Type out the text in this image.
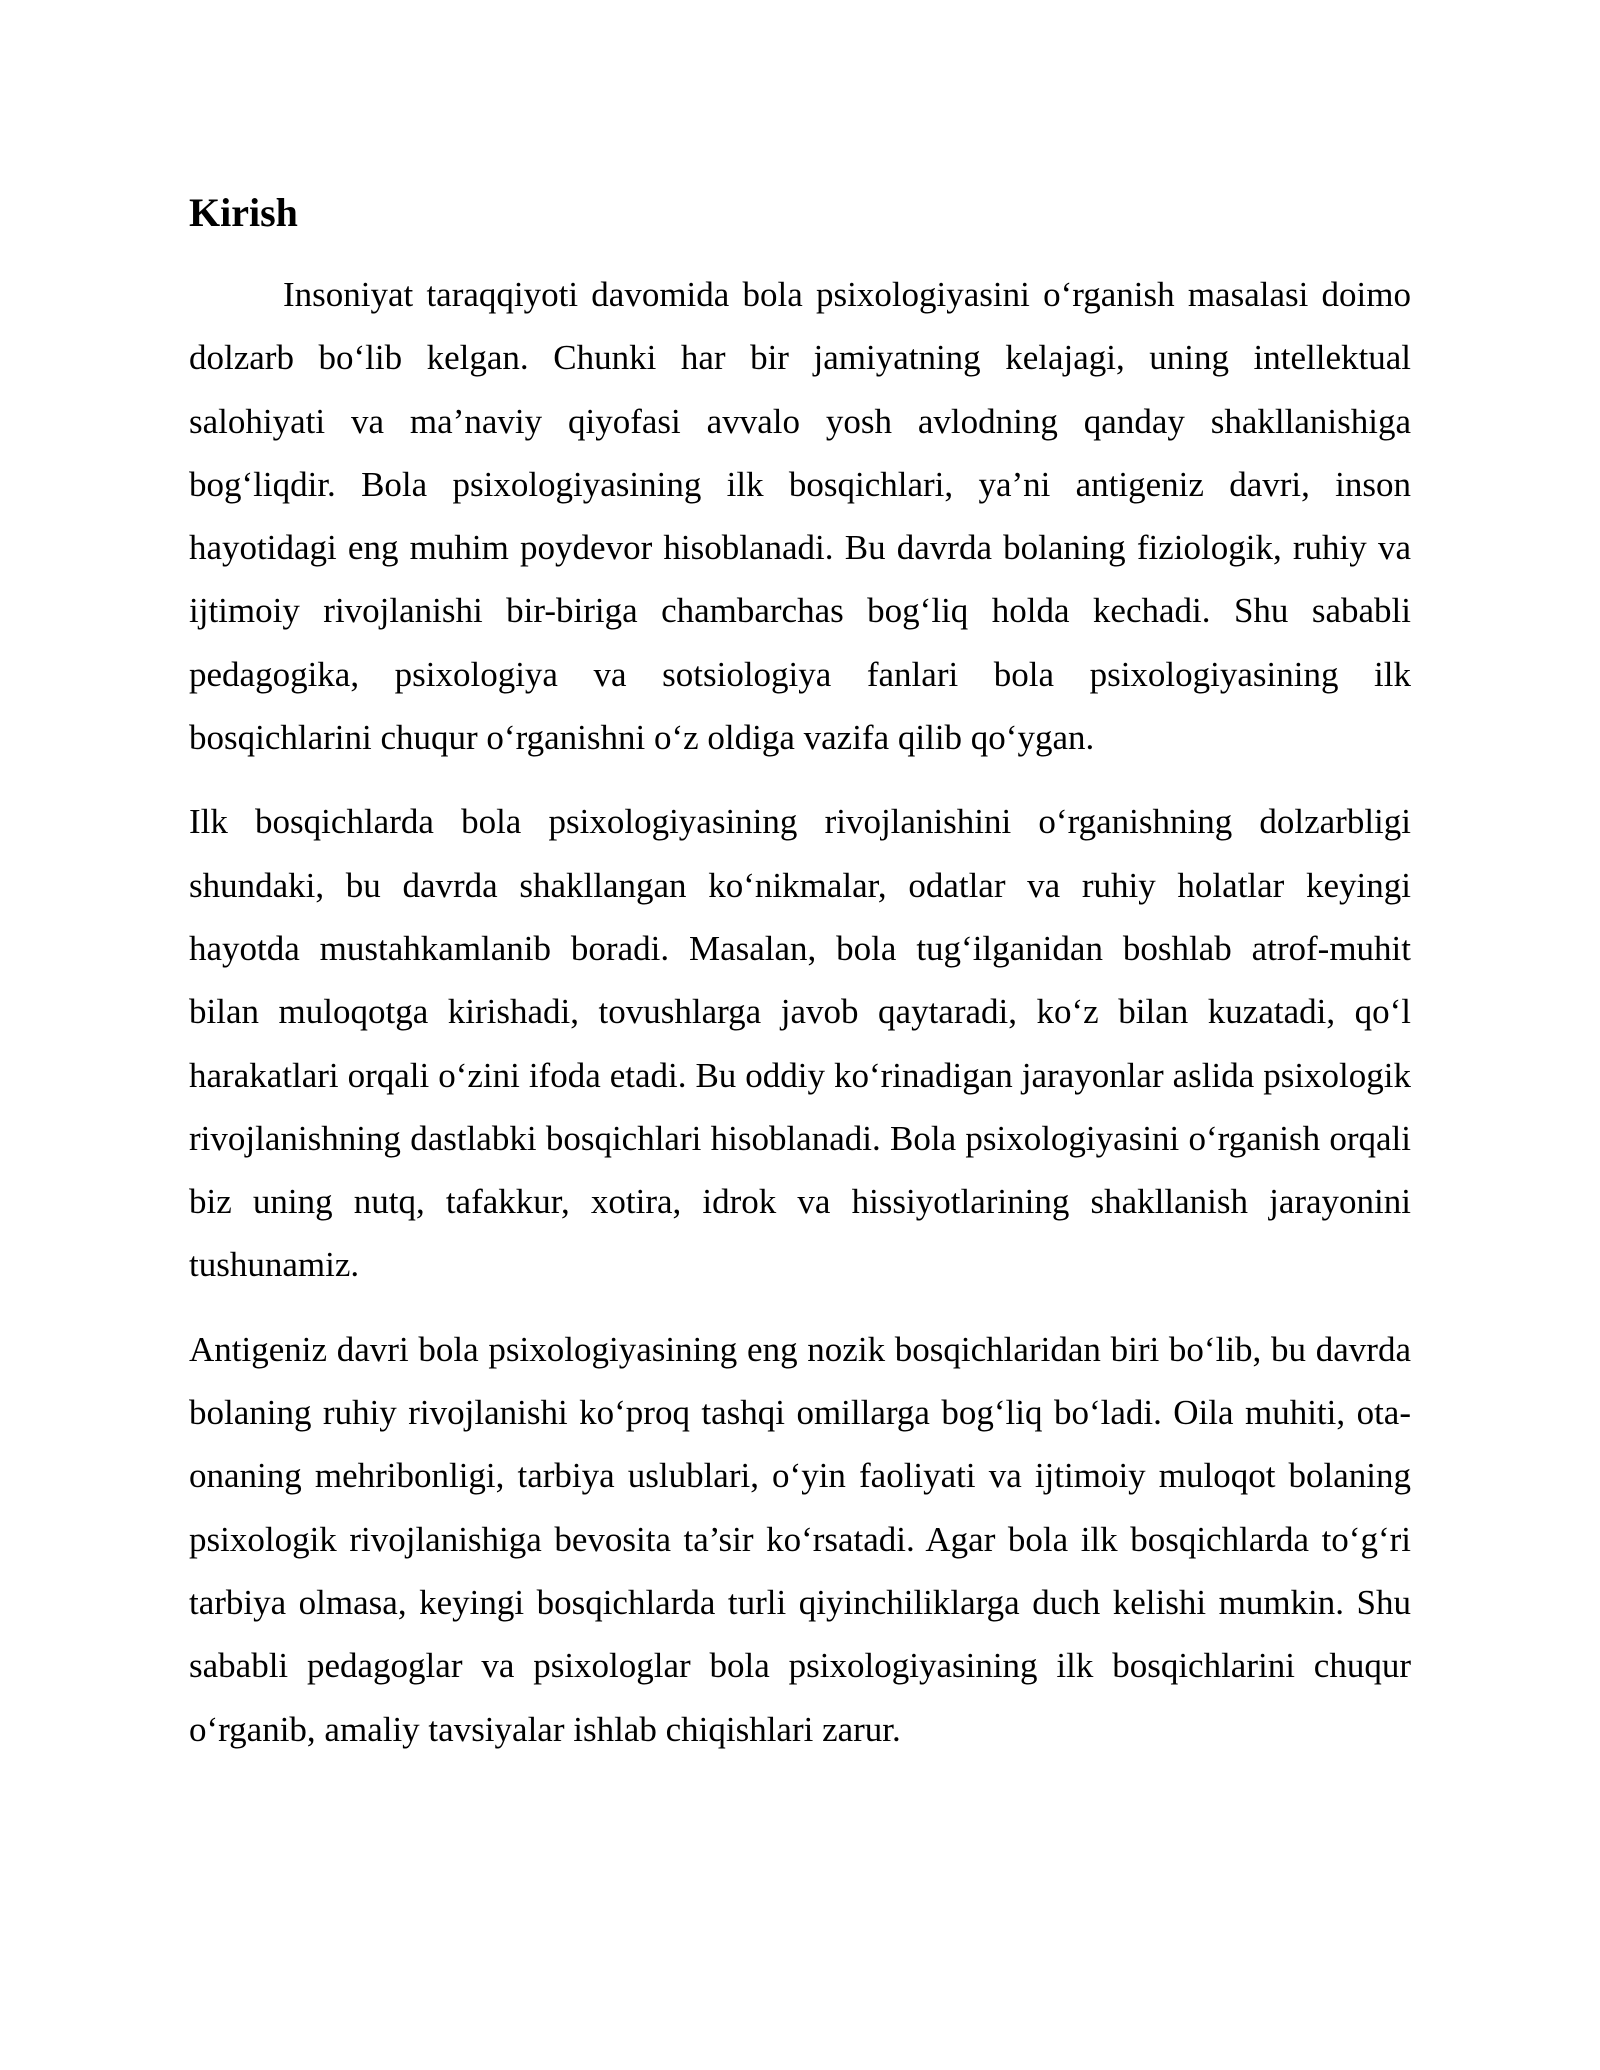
Kirish

Insoniyat taraqqiyoti davomida bola psixologiyasini o‘rganish masalasi doimo dolzarb bo‘lib kelgan. Chunki har bir jamiyatning kelajagi, uning intellektual salohiyati va ma’naviy qiyofasi avvalo yosh avlodning qanday shakllanishiga bog‘liqdir. Bola psixologiyasining ilk bosqichlari, ya’ni antigeniz davri, inson hayotidagi eng muhim poydevor hisoblanadi. Bu davrda bolaning fiziologik, ruhiy va ijtimoiy rivojlanishi bir-biriga chambarchas bog‘liq holda kechadi. Shu sababli pedagogika, psixologiya va sotsiologiya fanlari bola psixologiyasining ilk bosqichlarini chuqur o‘rganishni o‘z oldiga vazifa qilib qo‘ygan.

Ilk bosqichlarda bola psixologiyasining rivojlanishini o‘rganishning dolzarbligi shundaki, bu davrda shakllangan ko‘nikmalar, odatlar va ruhiy holatlar keyingi hayotda mustahkamlanib boradi. Masalan, bola tug‘ilganidan boshlab atrof-muhit bilan muloqotga kirishadi, tovushlarga javob qaytaradi, ko‘z bilan kuzatadi, qo‘l harakatlari orqali o‘zini ifoda etadi. Bu oddiy ko‘rinadigan jarayonlar aslida psixologik rivojlanishning dastlabki bosqichlari hisoblanadi. Bola psixologiyasini o‘rganish orqali biz uning nutq, tafakkur, xotira, idrok va hissiyotlarining shakllanish jarayonini tushunamiz.

Antigeniz davri bola psixologiyasining eng nozik bosqichlaridan biri bo‘lib, bu davrda bolaning ruhiy rivojlanishi ko‘proq tashqi omillarga bog‘liq bo‘ladi. Oila muhiti, ota-onaning mehribonligi, tarbiya uslublari, o‘yin faoliyati va ijtimoiy muloqot bolaning psixologik rivojlanishiga bevosita ta’sir ko‘rsatadi. Agar bola ilk bosqichlarda to‘g‘ri tarbiya olmasa, keyingi bosqichlarda turli qiyinchiliklarga duch kelishi mumkin. Shu sababli pedagoglar va psixologlar bola psixologiyasining ilk bosqichlarini chuqur o‘rganib, amaliy tavsiyalar ishlab chiqishlari zarur.
